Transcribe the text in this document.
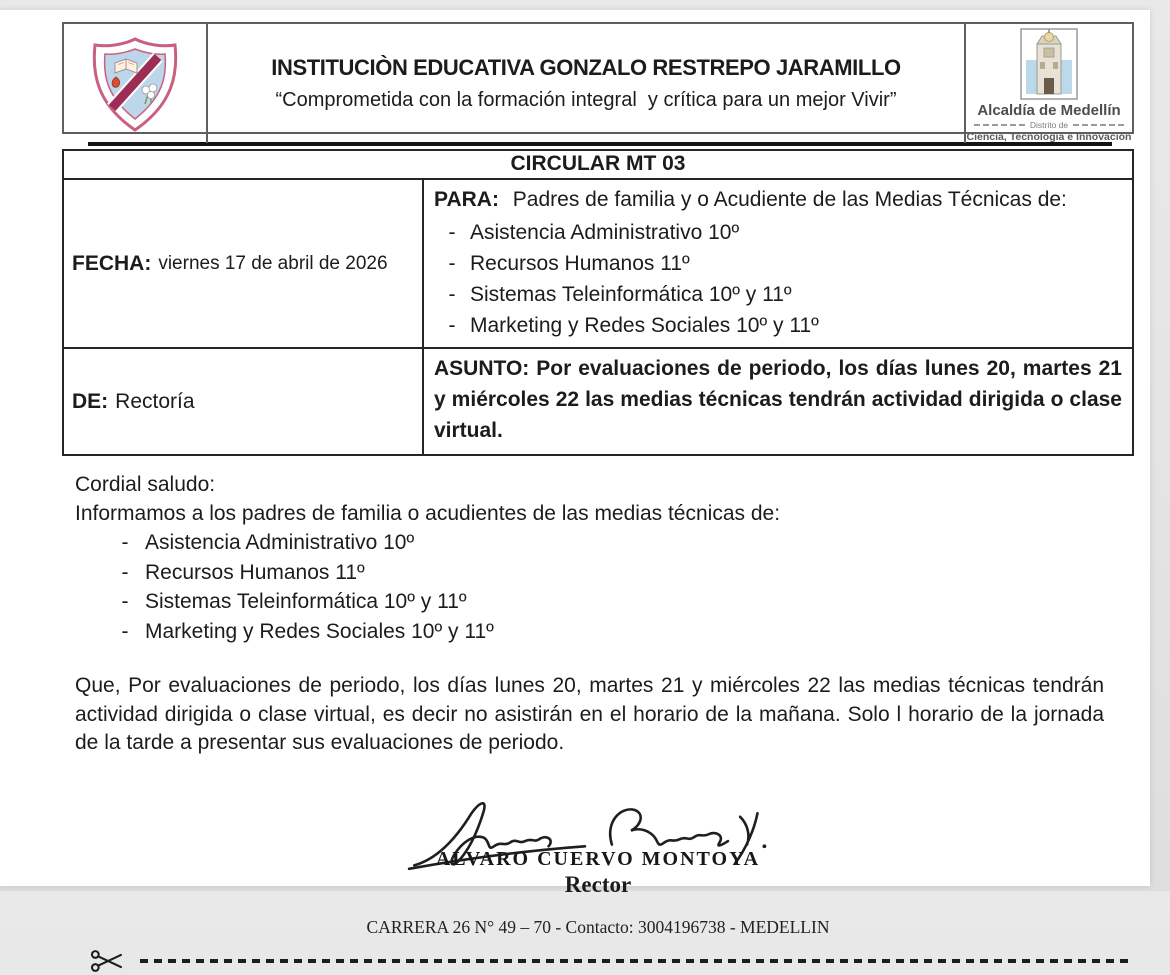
INSTITUCIÒN EDUCATIVA GONZALO RESTREPO JARAMILLO
“Comprometida con la formación integral  y crítica para un mejor Vivir”	Alcaldía de Medellín
Distrito de
Ciencia, Tecnología e Innovación
CIRCULAR MT 03
FECHA: viernes 17 de abril de 2026
PARA: Padres de familia y o Acudiente de las Medias Técnicas de:
- Asistencia Administrativo 10º
- Recursos Humanos 11º
- Sistemas Teleinformática 10º y 11º
- Marketing y Redes Sociales 10º y 11º
DE: Rectoría
ASUNTO: Por evaluaciones de periodo, los días lunes 20, martes 21 y miércoles 22 las medias técnicas tendrán actividad dirigida o clase virtual.
Cordial saludo:
Informamos a los padres de familia o acudientes de las medias técnicas de:
- Asistencia Administrativo 10º
- Recursos Humanos 11º
- Sistemas Teleinformática 10º y 11º
- Marketing y Redes Sociales 10º y 11º
Que, Por evaluaciones de periodo, los días lunes 20, martes 21 y miércoles 22 las medias técnicas tendrán actividad dirigida o clase virtual, es decir no asistirán en el horario de la mañana. Solo l horario de la jornada de la tarde a presentar sus evaluaciones de periodo.
ALVARO CUERVO MONTOYA
Rector
CARRERA 26 N° 49 – 70 - Contacto: 3004196738 - MEDELLIN
